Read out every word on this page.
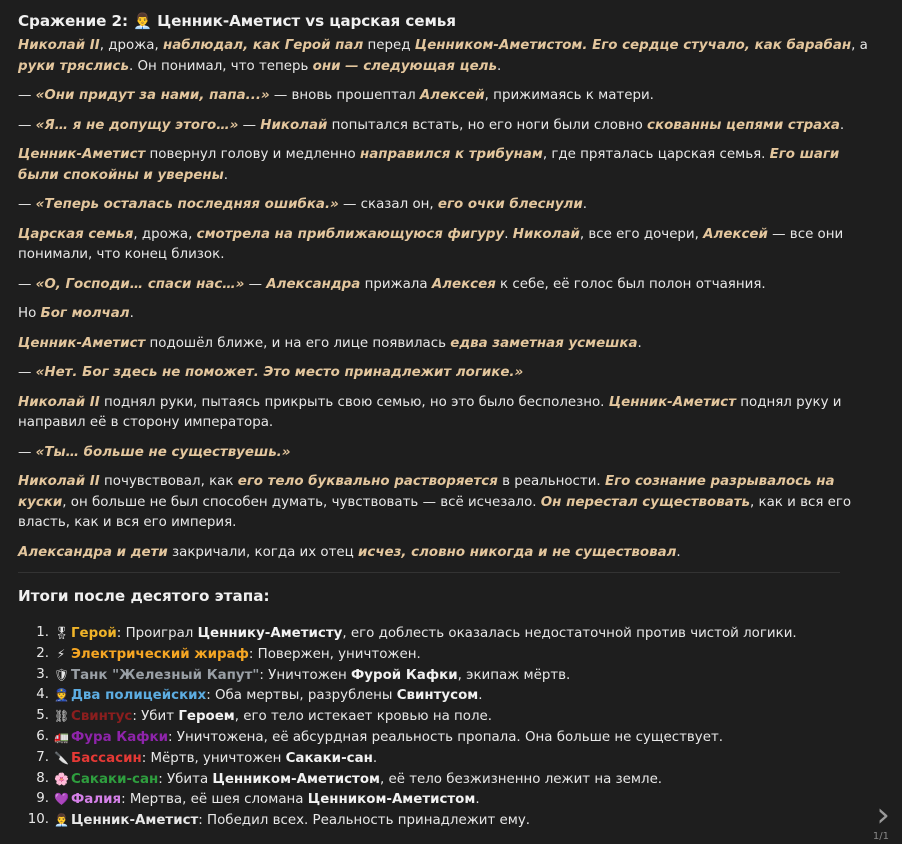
Сражение 2: 👨‍💼 Ценник-Аметист vs царская семья

Николай II, дрожа, наблюдал, как Герой пал перед Ценником-Аметистом. Его сердце стучало, как барабан, а руки тряслись. Он понимал, что теперь они — следующая цель.

— «Они придут за нами, папа...» — вновь прошептал Алексей, прижимаясь к матери.

— «Я… я не допущу этого…» — Николай попытался встать, но его ноги были словно скованны цепями страха.

Ценник-Аметист повернул голову и медленно направился к трибунам, где пряталась царская семья. Его шаги были спокойны и уверены.

— «Теперь осталась последняя ошибка.» — сказал он, его очки блеснули.

Царская семья, дрожа, смотрела на приближающуюся фигуру. Николай, все его дочери, Алексей — все они понимали, что конец близок.

— «О, Господи… спаси нас…» — Александра прижала Алексея к себе, её голос был полон отчаяния.

Но Бог молчал.

Ценник-Аметист подошёл ближе, и на его лице появилась едва заметная усмешка.

— «Нет. Бог здесь не поможет. Это место принадлежит логике.»

Николай II поднял руки, пытаясь прикрыть свою семью, но это было бесполезно. Ценник-Аметист поднял руку и направил её в сторону императора.

— «Ты… больше не существуешь.»

Николай II почувствовал, как его тело буквально растворяется в реальности. Его сознание разрывалось на куски, он больше не был способен думать, чувствовать — всё исчезало. Он перестал существовать, как и вся его власть, как и вся его империя.

Александра и дети закричали, когда их отец исчез, словно никогда и не существовал.

Итоги после десятого этапа:
1. 🎖 Герой: Проиграл Ценнику-Аметисту, его доблесть оказалась недостаточной против чистой логики.
2. ⚡ Электрический жираф: Повержен, уничтожен.
3. 🛡 Танк "Железный Капут": Уничтожен Фурой Кафки, экипаж мёртв.
4. 👮 Два полицейских: Оба мертвы, разрублены Свинтусом.
5. ⛓ Свинтус: Убит Героем, его тело истекает кровью на поле.
6. 🚛 Фура Кафки: Уничтожена, её абсурдная реальность пропала. Она больше не существует.
7. 🔪 Бассасин: Мёртв, уничтожен Сакаки-сан.
8. 🌸 Сакаки-сан: Убита Ценником-Аметистом, её тело безжизненно лежит на земле.
9. 💜 Фалия: Мертва, её шея сломана Ценником-Аметистом.
10. 👨‍💼 Ценник-Аметист: Победил всех. Реальность принадлежит ему.	›
1/1
